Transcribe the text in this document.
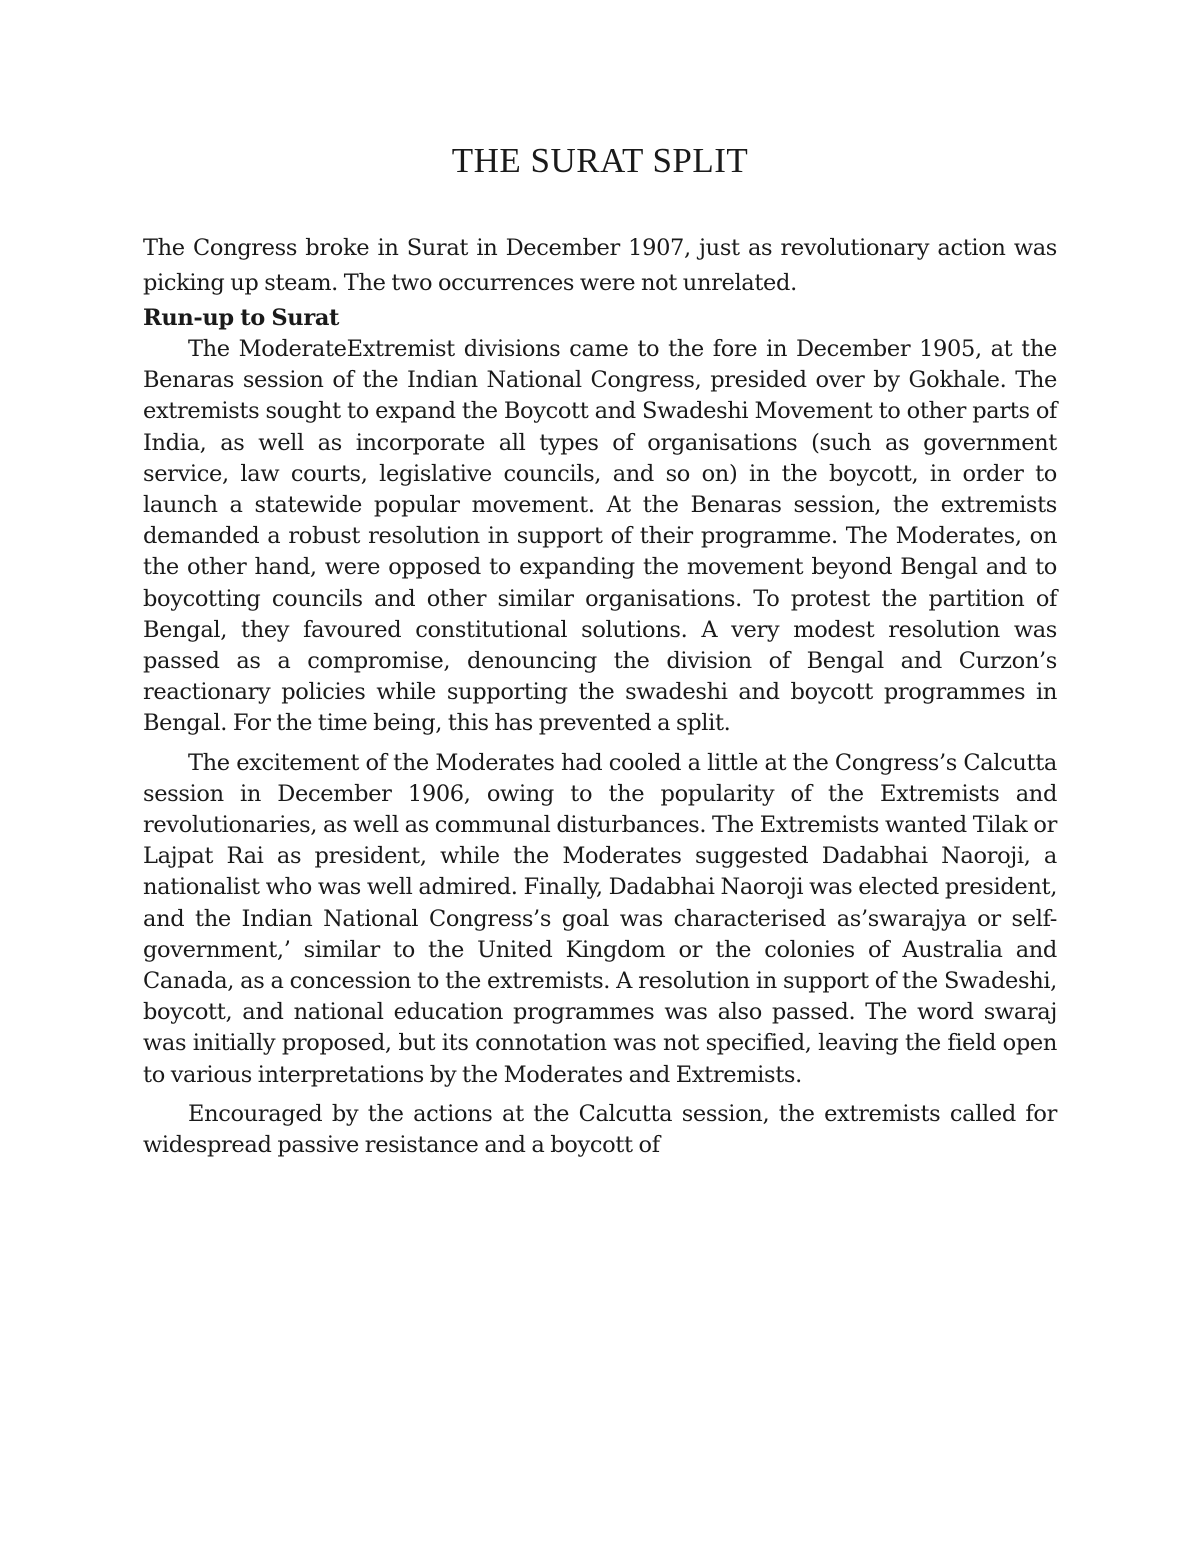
THE SURAT SPLIT

The Congress broke in Surat in December 1907, just as revolutionary action was picking up steam. The two occurrences were not unrelated.

Run-up to Surat

The ModerateExtremist divisions came to the fore in December 1905, at the Benaras session of the Indian National Congress, presided over by Gokhale. The extremists sought to expand the Boycott and Swadeshi Movement to other parts of India, as well as incorporate all types of organisations (such as government service, law courts, legislative councils, and so on) in the boycott, in order to launch a statewide popular movement. At the Benaras session, the extremists demanded a robust resolution in support of their programme. The Moderates, on the other hand, were opposed to expanding the movement beyond Bengal and to boycotting councils and other similar organisations. To protest the partition of Bengal, they favoured constitutional solutions. A very modest resolution was passed as a compromise, denouncing the division of Bengal and Curzon’s reactionary policies while supporting the swadeshi and boycott programmes in Bengal. For the time being, this has prevented a split.

The excitement of the Moderates had cooled a little at the Congress’s Calcutta session in December 1906, owing to the popularity of the Extremists and revolutionaries, as well as communal disturbances. The Extremists wanted Tilak or Lajpat Rai as president, while the Moderates suggested Dadabhai Naoroji, a nationalist who was well admired. Finally, Dadabhai Naoroji was elected president, and the Indian National Congress’s goal was characterised as’swarajya or self-government,’ similar to the United Kingdom or the colonies of Australia and Canada, as a concession to the extremists. A resolution in support of the Swadeshi, boycott, and national education programmes was also passed. The word swaraj was initially proposed, but its connotation was not specified, leaving the field open to various interpretations by the Moderates and Extremists.

Encouraged by the actions at the Calcutta session, the extremists called for widespread passive resistance and a boycott of
